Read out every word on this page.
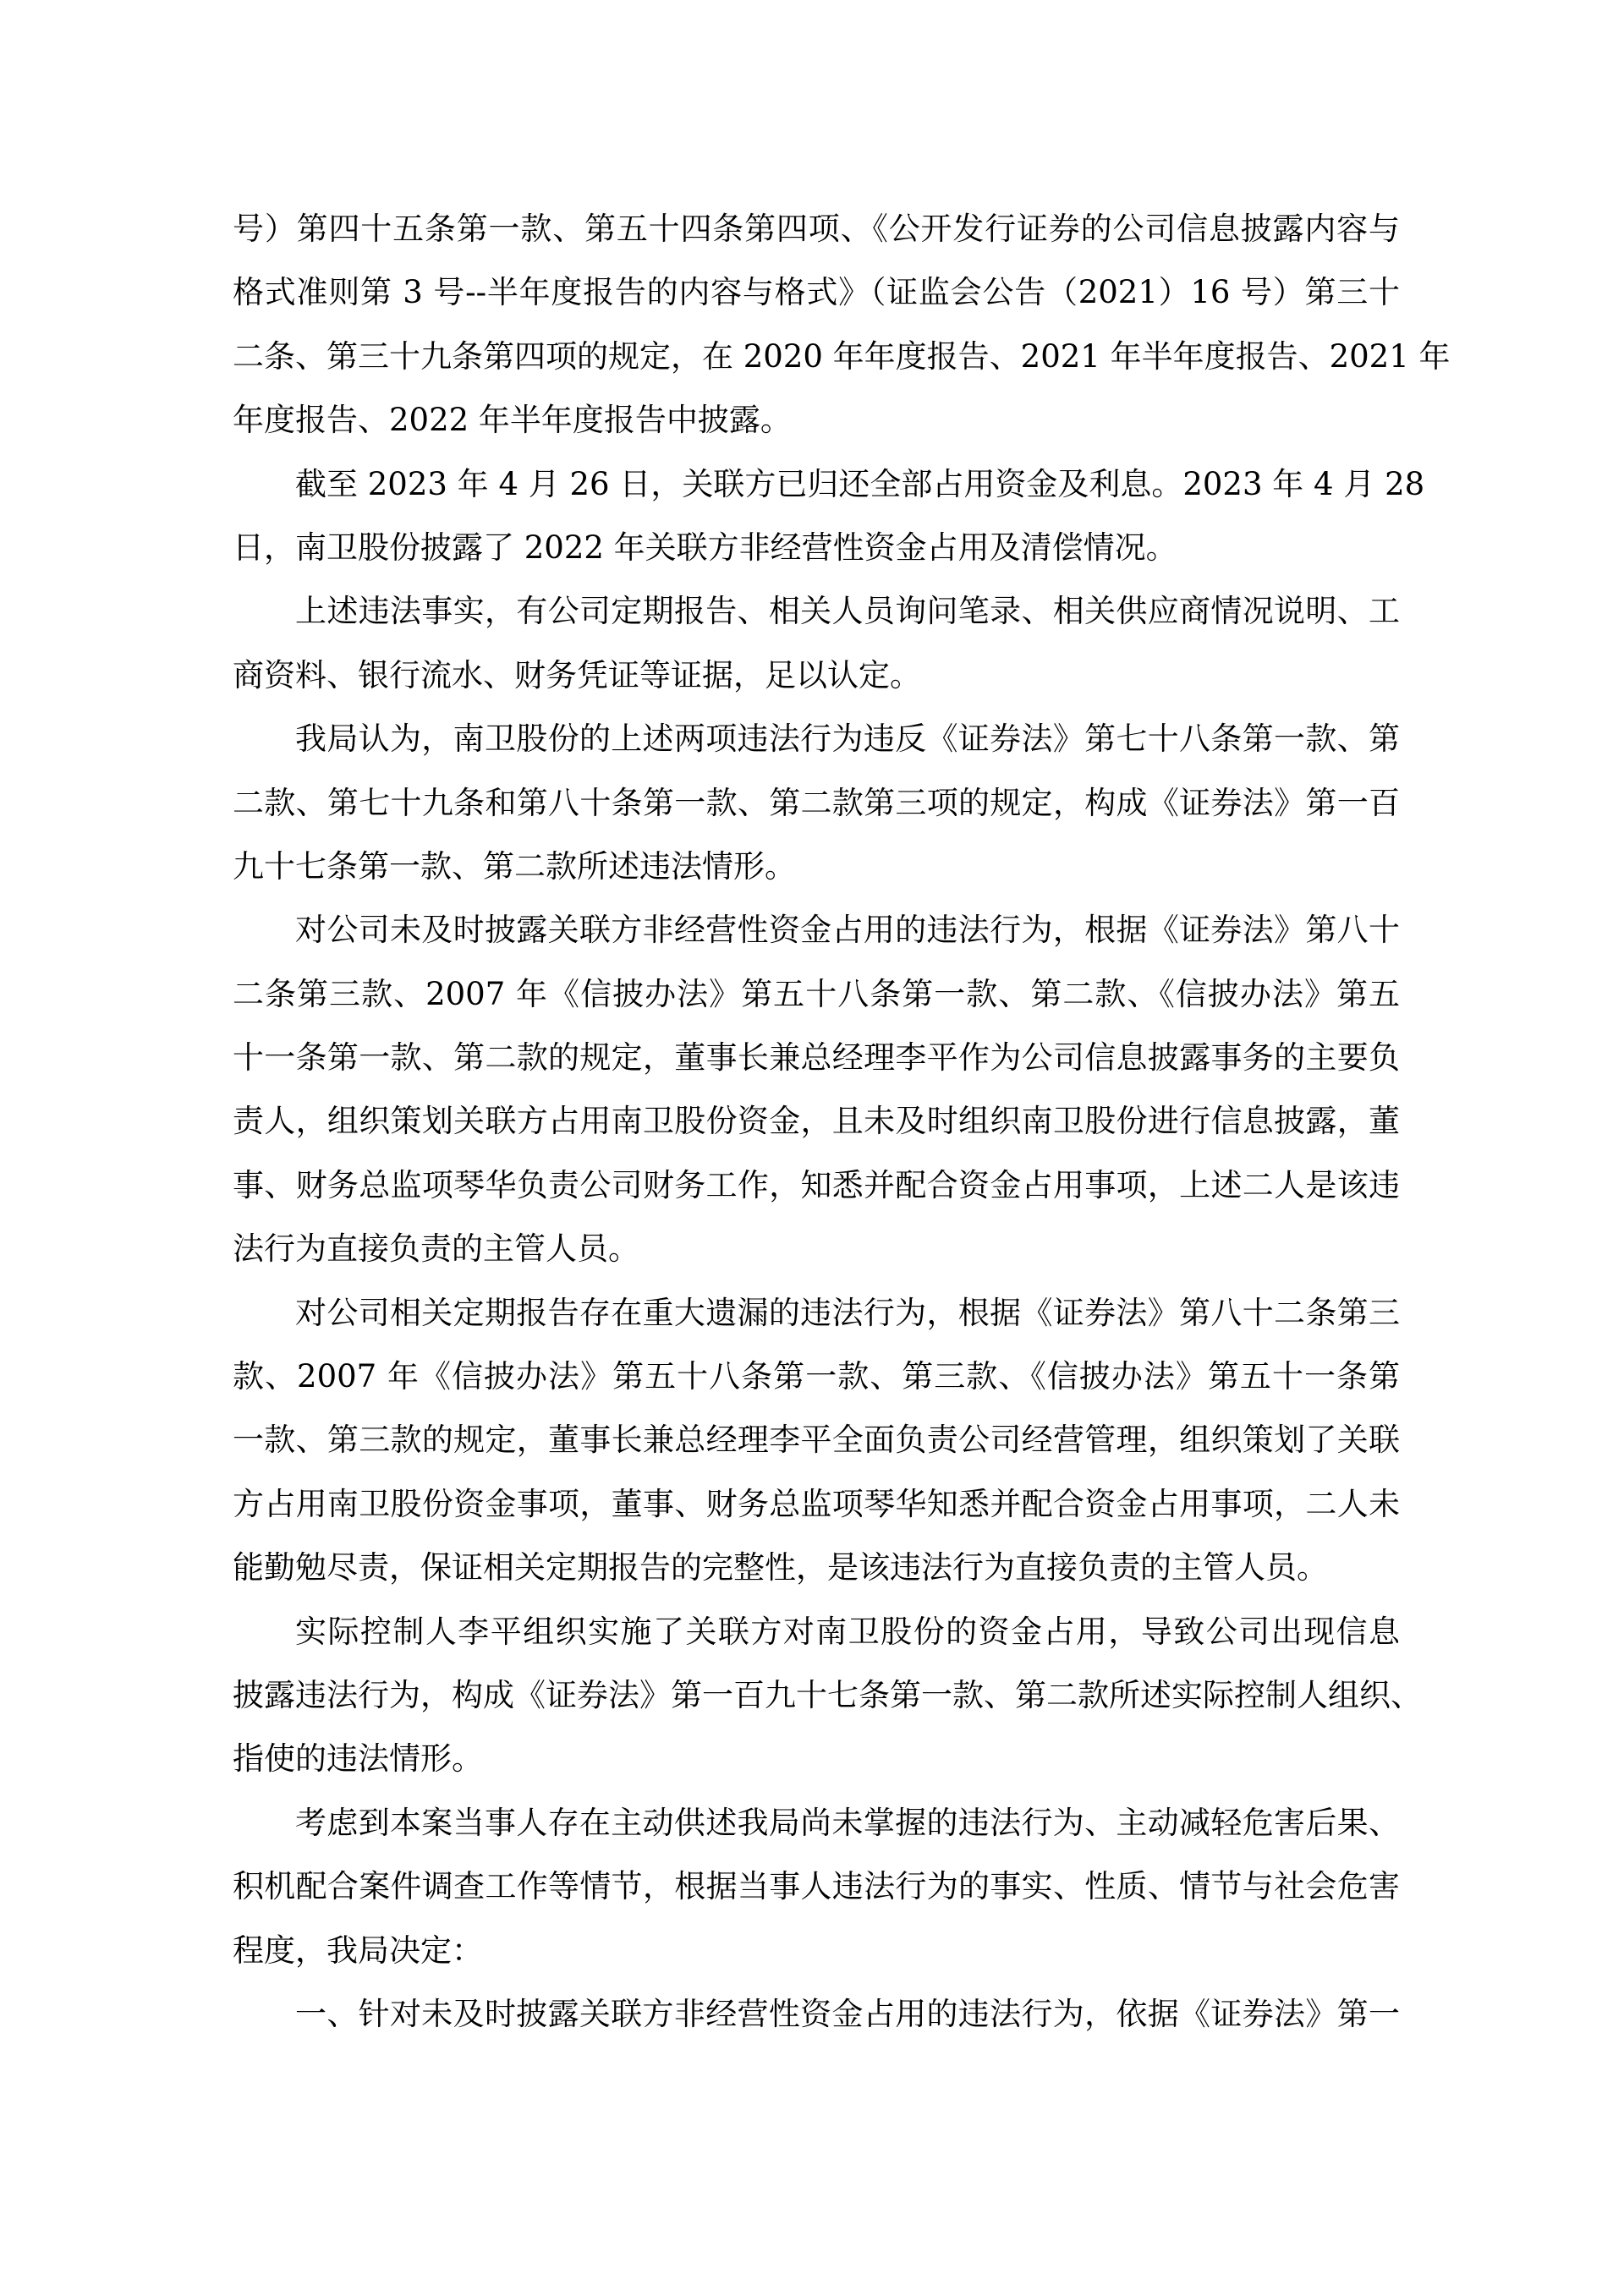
号）第四十五条第一款、第五十四条第四项、《公开发行证券的公司信息披露内容与
格式准则第 3 号--半年度报告的内容与格式》（证监会公告（2021）16 号）第三十
二条、第三十九条第四项的规定，在 2020 年年度报告、2021 年半年度报告、2021 年
年度报告、2022 年半年度报告中披露。
截至 2023 年 4 月 26 日，关联方已归还全部占用资金及利息。2023 年 4 月 28
日，南卫股份披露了 2022 年关联方非经营性资金占用及清偿情况。
上述违法事实，有公司定期报告、相关人员询问笔录、相关供应商情况说明、工
商资料、银行流水、财务凭证等证据，足以认定。
我局认为，南卫股份的上述两项违法行为违反《证券法》第七十八条第一款、第
二款、第七十九条和第八十条第一款、第二款第三项的规定，构成《证券法》第一百
九十七条第一款、第二款所述违法情形。
对公司未及时披露关联方非经营性资金占用的违法行为，根据《证券法》第八十
二条第三款、2007 年《信披办法》第五十八条第一款、第二款、《信披办法》第五
十一条第一款、第二款的规定，董事长兼总经理李平作为公司信息披露事务的主要负
责人，组织策划关联方占用南卫股份资金，且未及时组织南卫股份进行信息披露，董
事、财务总监项琴华负责公司财务工作，知悉并配合资金占用事项，上述二人是该违
法行为直接负责的主管人员。
对公司相关定期报告存在重大遗漏的违法行为，根据《证券法》第八十二条第三
款、2007 年《信披办法》第五十八条第一款、第三款、《信披办法》第五十一条第
一款、第三款的规定，董事长兼总经理李平全面负责公司经营管理，组织策划了关联
方占用南卫股份资金事项，董事、财务总监项琴华知悉并配合资金占用事项，二人未
能勤勉尽责，保证相关定期报告的完整性，是该违法行为直接负责的主管人员。
实际控制人李平组织实施了关联方对南卫股份的资金占用，导致公司出现信息
披露违法行为，构成《证券法》第一百九十七条第一款、第二款所述实际控制人组织、
指使的违法情形。
考虑到本案当事人存在主动供述我局尚未掌握的违法行为、主动减轻危害后果、
积机配合案件调查工作等情节，根据当事人违法行为的事实、性质、情节与社会危害
程度，我局决定：
一、针对未及时披露关联方非经营性资金占用的违法行为，依据《证券法》第一
